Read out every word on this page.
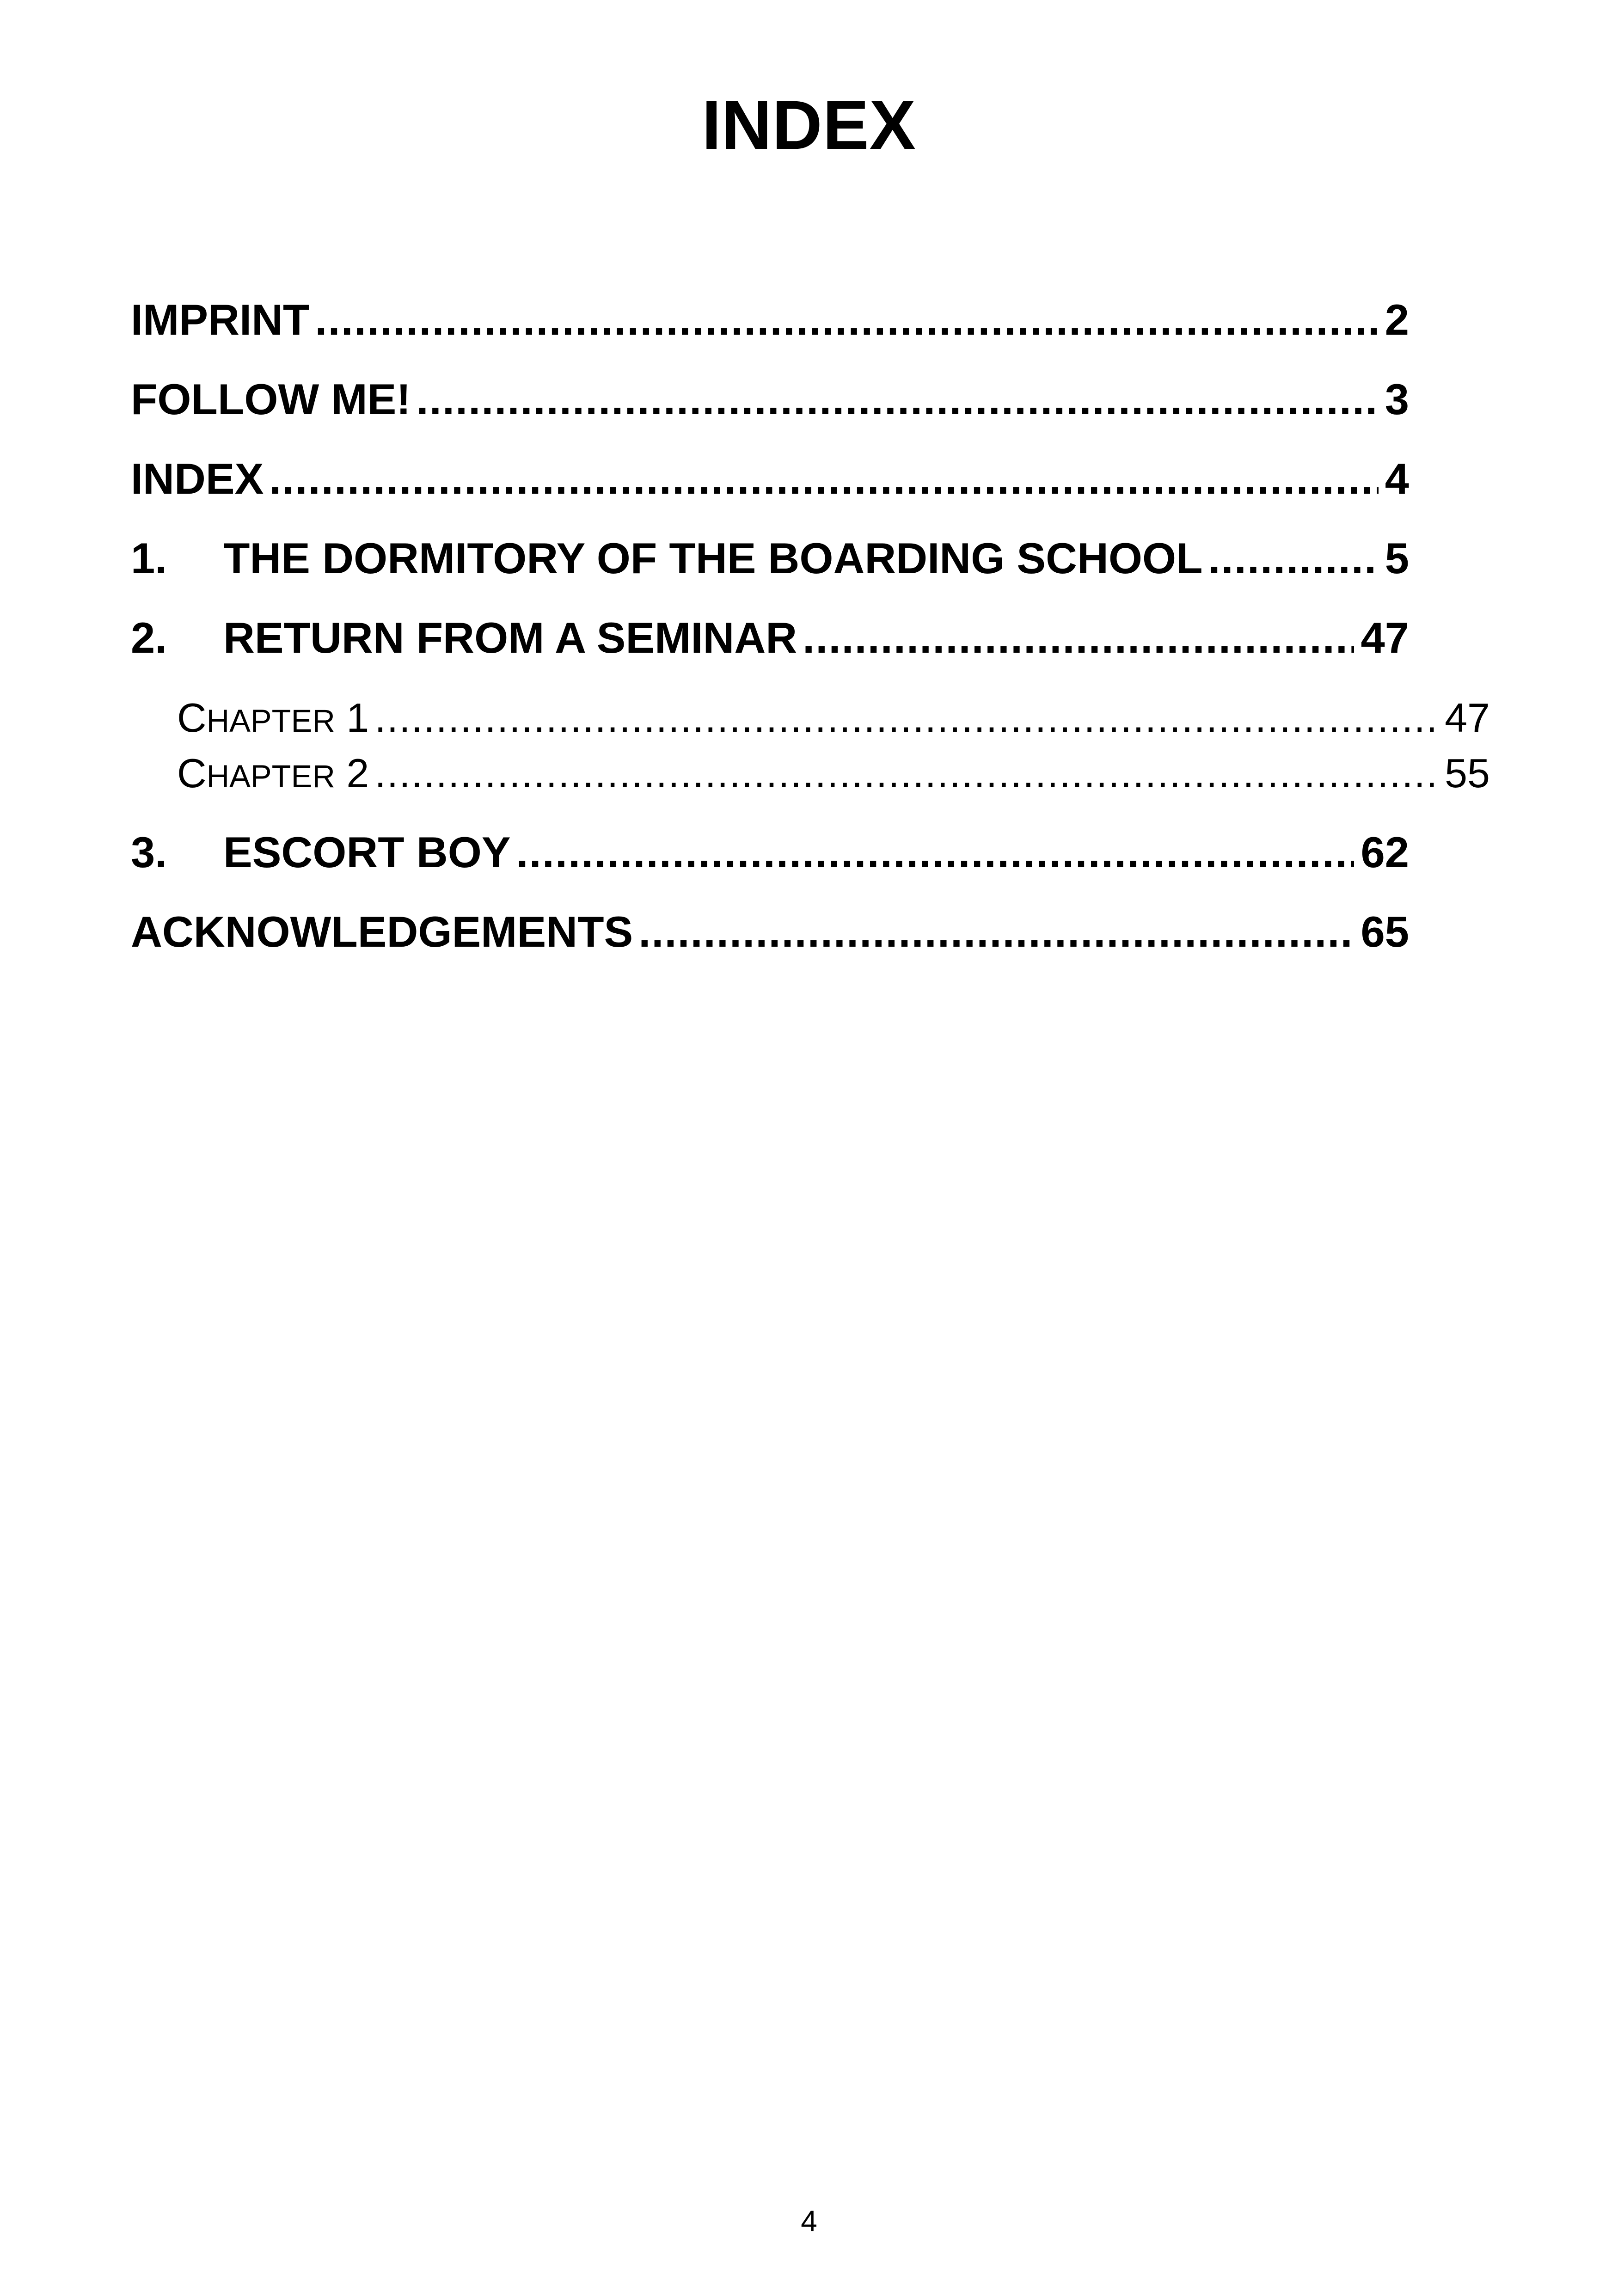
INDEX
IMPRINT .....	2
FOLLOW ME! .....	3
INDEX .....	4
1.	THE DORMITORY OF THE BOARDING SCHOOL .....	5
2.	RETURN FROM A SEMINAR .....	47
CHAPTER 1 .....	47
CHAPTER 2 .....	55
3.	ESCORT BOY .....	62
ACKNOWLEDGEMENTS .....	65
4
